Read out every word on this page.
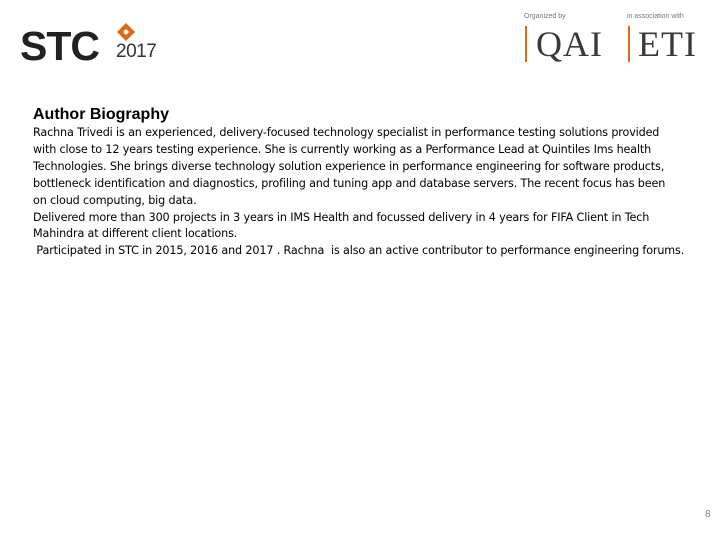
STC 2017
Organized by
QAI
in association with
ETI
Author Biography
Rachna Trivedi is an experienced, delivery-focused technology specialist in performance testing solutions provided
with close to 12 years testing experience. She is currently working as a Performance Lead at Quintiles Ims health
Technologies. She brings diverse technology solution experience in performance engineering for software products,
bottleneck identification and diagnostics, profiling and tuning app and database servers. The recent focus has been
on cloud computing, big data.
Delivered more than 300 projects in 3 years in IMS Health and focussed delivery in 4 years for FIFA Client in Tech
Mahindra at different client locations.
Participated in STC in 2015, 2016 and 2017 . Rachna  is also an active contributor to performance engineering forums.
8
